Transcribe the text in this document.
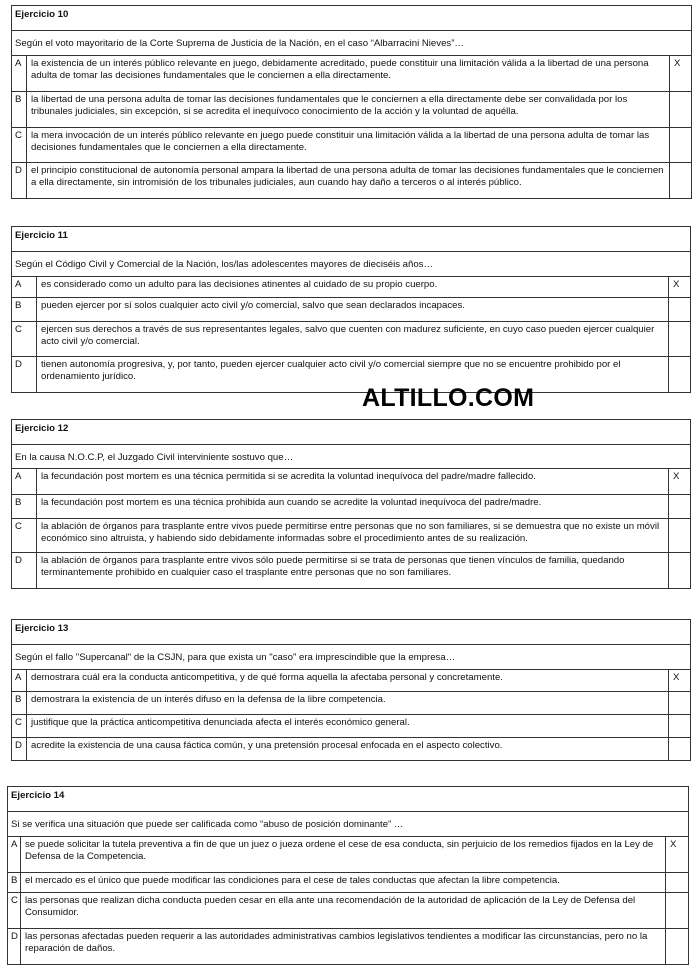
Ejercicio 10		
Según el voto mayoritario de la Corte Suprema de Justicia de la Nación, en el caso “Albarracini Nieves”…		
A	la existencia de un interés público relevante en juego, debidamente acreditado, puede constituir una limitación válida a la libertad de una persona adulta de tomar las decisiones fundamentales que le conciernen a ella directamente.	X
B	la libertad de una persona adulta de tomar las decisiones fundamentales que le conciernen a ella directamente debe ser convalidada por los tribunales judiciales, sin excepción, si se acredita el inequívoco conocimiento de la acción y la voluntad de aquélla.	
C	la mera invocación de un interés público relevante en juego puede constituir una limitación válida a la libertad de una persona adulta de tomar las decisiones fundamentales que le conciernen a ella directamente.	
D	el principio constitucional de autonomía personal ampara la libertad de una persona adulta de tomar las decisiones fundamentales que le conciernen a ella directamente, sin intromisión de los tribunales judiciales, aun cuando hay daño a terceros o al interés público.	
Ejercicio 11		
Según el Código Civil y Comercial de la Nación, los/las adolescentes mayores de dieciséis años…		
A	es considerado como un adulto para las decisiones atinentes al cuidado de su propio cuerpo.	X
B	pueden ejercer por sí solos cualquier acto civil y/o comercial, salvo que sean declarados incapaces.	
C	ejercen sus derechos a través de sus representantes legales, salvo que cuenten con madurez suficiente, en cuyo caso pueden ejercer cualquier acto civil y/o comercial.	
D	tienen autonomía progresiva, y, por tanto, pueden ejercer cualquier acto civil y/o comercial siempre que no se encuentre prohibido por el ordenamiento jurídico.	
ALTILLO.COM
Ejercicio 12		
En la causa N.O.C.P, el Juzgado Civil interviniente sostuvo que…		
A	la fecundación post mortem es una técnica permitida si se acredita la voluntad inequívoca del padre/madre fallecido.	X
B	la fecundación post mortem es una técnica prohibida aun cuando se acredite la voluntad inequívoca del padre/madre.	
C	la ablación de órganos para trasplante entre vivos puede permitirse entre personas que no son familiares, si se demuestra que no existe un móvil económico sino altruista, y habiendo sido debidamente informadas sobre el procedimiento antes de su realización.	
D	la ablación de órganos para trasplante entre vivos sólo puede permitirse si se trata de personas que tienen vínculos de familia, quedando terminantemente prohibido en cualquier caso el trasplante entre personas que no son familiares.	
Ejercicio 13		
Según el fallo "Supercanal" de la CSJN, para que exista un "caso" era imprescindible que la empresa…		
A	demostrara cuál era la conducta anticompetitiva, y de qué forma aquella la afectaba personal y concretamente.	X
B	demostrara la existencia de un interés difuso en la defensa de la libre competencia.	
C	justifique que la práctica anticompetitiva denunciada afecta el interés económico general.	
D	acredite la existencia de una causa fáctica común, y una pretensión procesal enfocada en el aspecto colectivo.	
Ejercicio 14		
Si se verifica una situación que puede ser calificada como “abuso de posición dominante” …		
A	se puede solicitar la tutela preventiva a fin de que un juez o jueza ordene el cese de esa conducta, sin perjuicio de los remedios fijados en la Ley de Defensa de la Competencia.	X
B	el mercado es el único que puede modificar las condiciones para el cese de tales conductas que afectan la libre competencia.	
C	las personas que realizan dicha conducta pueden cesar en ella ante una recomendación de la autoridad de aplicación de la Ley de Defensa del Consumidor.	
D	las personas afectadas pueden requerir a las autoridades administrativas cambios legislativos tendientes a modificar las circunstancias, pero no la reparación de daños.	
